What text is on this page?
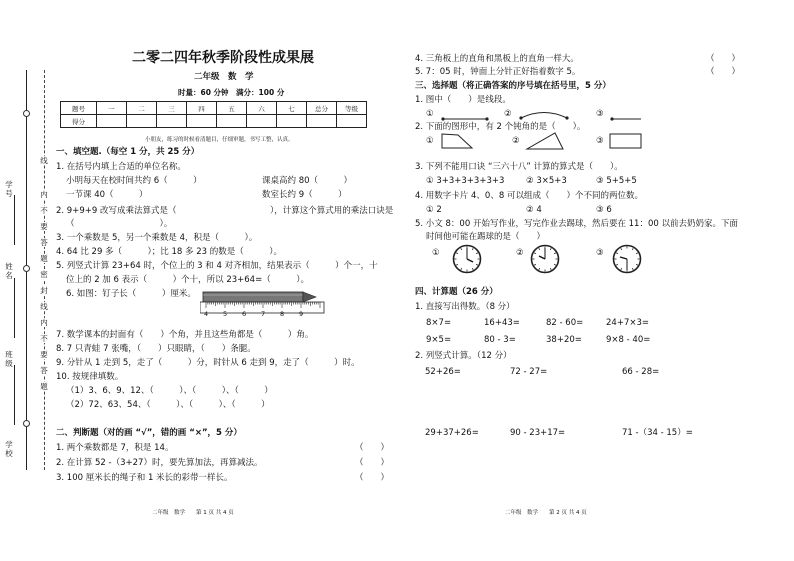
学校
班级
姓名
学号
线
内
不
要
答
题
密
封
线
内
不
要
答
题
二零二四年秋季阶段性成果展
二年级　数　学
时量：60 分钟　满分：100 分
题号	一	二	三	四	五	六	七	总分	等级
得分									
小朋友，练习的时候看清题目，仔细审题，书写工整，认真。
一、填空题.（每空 1 分，共 25 分）
1. 在括号内填上合适的单位名称。
小明每天在校时间共约 6（　　　）	课桌高约 80（　　　）
一节课 40（　　　）	数室长约 9（　　　）
2. 9+9+9 改写成乘法算式是（　　　　　　　　　　　），计算这个算式用的乘法口诀是
（　　　　　　　　　　）。
3. 一个乘数是 5，另一个乘数是 4，积是（　　　）。
4. 64 比 29 多（　　　）；比 18 多 23 的数是（　　　）。
5. 列竖式计算 23+64 时，个位上的 3 和 4 对齐相加，结果表示（　　　）个一，十
位上的 2 加 6 表示（　　　）个十，所以 23+64=（　　　）。
6. 如图：钉子长（　　　）厘米。
4 5 6 7 8 9
7. 数学课本的封面有（　　）个角，并且这些角都是（　　　）角。
8. 7 只青蛙 7 张嘴，（　　）只眼睛，（　　）条腿。
9. 分针从 1 走到 5，走了（　　　）分，时针从 6 走到 9，走了（　　　）时。
10. 按规律填数。
（1）3、6、9、12、（　　　）、（　　　）、（　　　）
（2）72、63、54、（　　　）、（　　　）、（　　　）
二、判断题（对的画 “√”，错的画 “×”，5 分）
1. 两个乘数都是 7，积是 14。
2. 在计算 52 -（3+27）时，要先算加法，再算减法。
3. 100 厘米长的绳子和 1 米长的彩带一样长。
（　　）
（　　）
（　　）
二年级　数学　　第 1 页 共 4 页
4. 三角板上的直角和黑板上的直角一样大。
5. 7：05 时，钟面上分针正好指着数字 5。
（　　）
（　　）
三、选择题（将正确答案的序号填在括号里，5 分）
1. 图中（　　）是线段。
①	②	③
2. 下面的图形中，有 2 个钝角的是（　　）。
①	②	③
3. 下列不能用口诀 “三六十八” 计算的算式是（　　）。
① 3+3+3+3+3+3	② 3×5+3	③ 5+5+5
4. 用数字卡片 4、0、8 可以组成（　　）个不同的两位数。
① 2	② 4	③ 6
5. 小文 8：00 开始写作业，写完作业去踢球，然后要在 11：00 以前去奶奶家。下面
时间他可能在踢球的是（　　）
①	②	③
四、计算题（26 分）
1. 直接写出得数。（8 分）
8×7=	16+43=	82 - 60=	24+7×3=
9×5=	80 - 3=	38+20=	9×8 - 40=
2. 列竖式计算。（12 分）
52+26=	72 - 27=	66 - 28=
29+37+26=	90 - 23+17=	71 -（34 - 15）=
二年级　数学　　第 2 页 共 4 页
